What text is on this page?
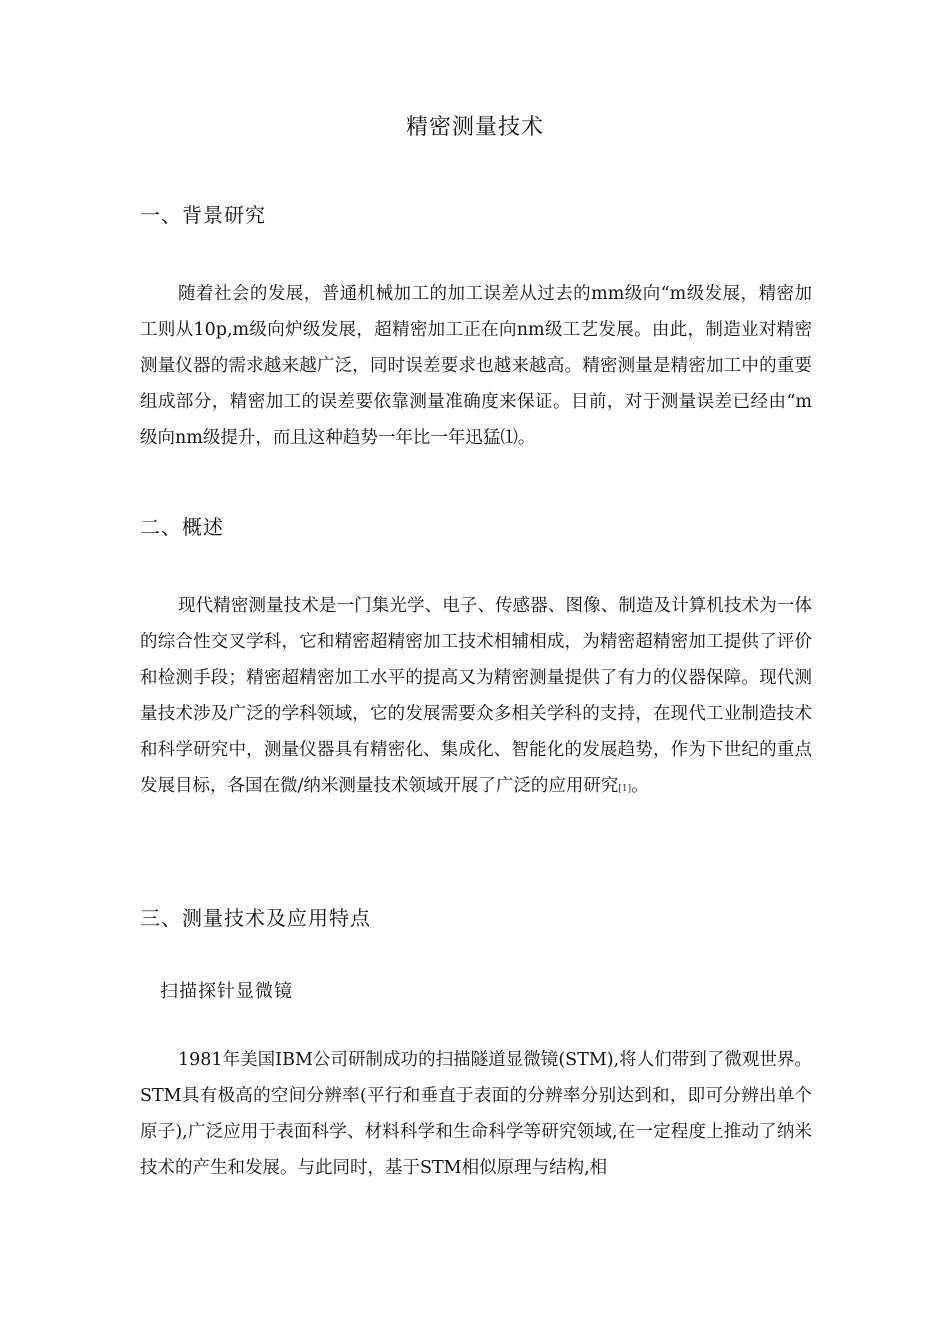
精密测量技术
一、背景研究

随着社会的发展，普通机械加工的加工误差从过去的mm级向“m级发展，精密加工则从10p,m级向炉级发展，超精密加工正在向nm级工艺发展。由此，制造业对精密测量仪器的需求越来越广泛，同时误差要求也越来越高。精密测量是精密加工中的重要组成部分，精密加工的误差要依靠测量准确度来保证。目前，对于测量误差已经由“m级向nm级提升，而且这种趋势一年比一年迅猛⑴。

二、概述

现代精密测量技术是一门集光学、电子、传感器、图像、制造及计算机技术为一体的综合性交叉学科，它和精密超精密加工技术相辅相成，为精密超精密加工提供了评价和检测手段；精密超精密加工水平的提高又为精密测量提供了有力的仪器保障。现代测量技术涉及广泛的学科领域，它的发展需要众多相关学科的支持，在现代工业制造技术和科学研究中，测量仪器具有精密化、集成化、智能化的发展趋势，作为下世纪的重点发展目标，各国在微/纳米测量技术领域开展了广泛的应用研究[1]。

三、测量技术及应用特点
扫描探针显微镜

1981年美国IBM公司研制成功的扫描隧道显微镜(STM),将人们带到了微观世界。STM具有极高的空间分辨率(平行和垂直于表面的分辨率分别达到和，即可分辨出单个原子),广泛应用于表面科学、材料科学和生命科学等研究领域,在一定程度上推动了纳米技术的产生和发展。与此同时，基于STM相似原理与结构,相
